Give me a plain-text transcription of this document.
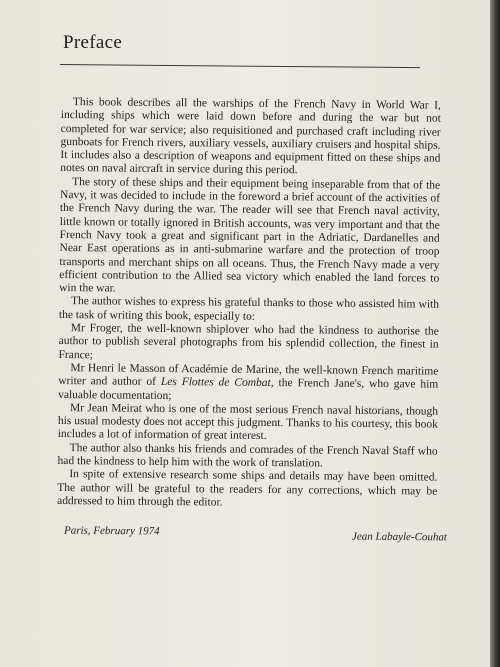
Preface

This book describes all the warships of the French Navy in World War I, including ships which were laid down before and during the war but not completed for war service; also requisitioned and purchased craft including river gunboats for French rivers, auxiliary vessels, auxiliary cruisers and hospital ships. It includes also a description of weapons and equipment fitted on these ships and notes on naval aircraft in service during this period.

The story of these ships and their equipment being inseparable from that of the Navy, it was decided to include in the foreword a brief account of the activities of the French Navy during the war. The reader will see that French naval activity, little known or totally ignored in British accounts, was very important and that the French Navy took a great and significant part in the Adriatic, Dardanelles and Near East operations as in anti-submarine warfare and the protection of troop transports and merchant ships on all oceans. Thus, the French Navy made a very efficient contribution to the Allied sea victory which enabled the land forces to win the war.

The author wishes to express his grateful thanks to those who assisted him with the task of writing this book, especially to:

Mr Froger, the well-known shiplover who had the kindness to authorise the author to publish several photographs from his splendid collection, the finest in France;

Mr Henri le Masson of Académie de Marine, the well-known French maritime writer and author of Les Flottes de Combat, the French Jane's, who gave him valuable documentation;

Mr Jean Meirat who is one of the most serious French naval historians, though his usual modesty does not accept this judgment. Thanks to his courtesy, this book includes a lot of information of great interest.

The author also thanks his friends and comrades of the French Naval Staff who had the kindness to help him with the work of translation.

In spite of extensive research some ships and details may have been omitted. The author will be grateful to the readers for any corrections, which may be addressed to him through the editor.

Paris, February 1974	Jean Labayle-Couhat
